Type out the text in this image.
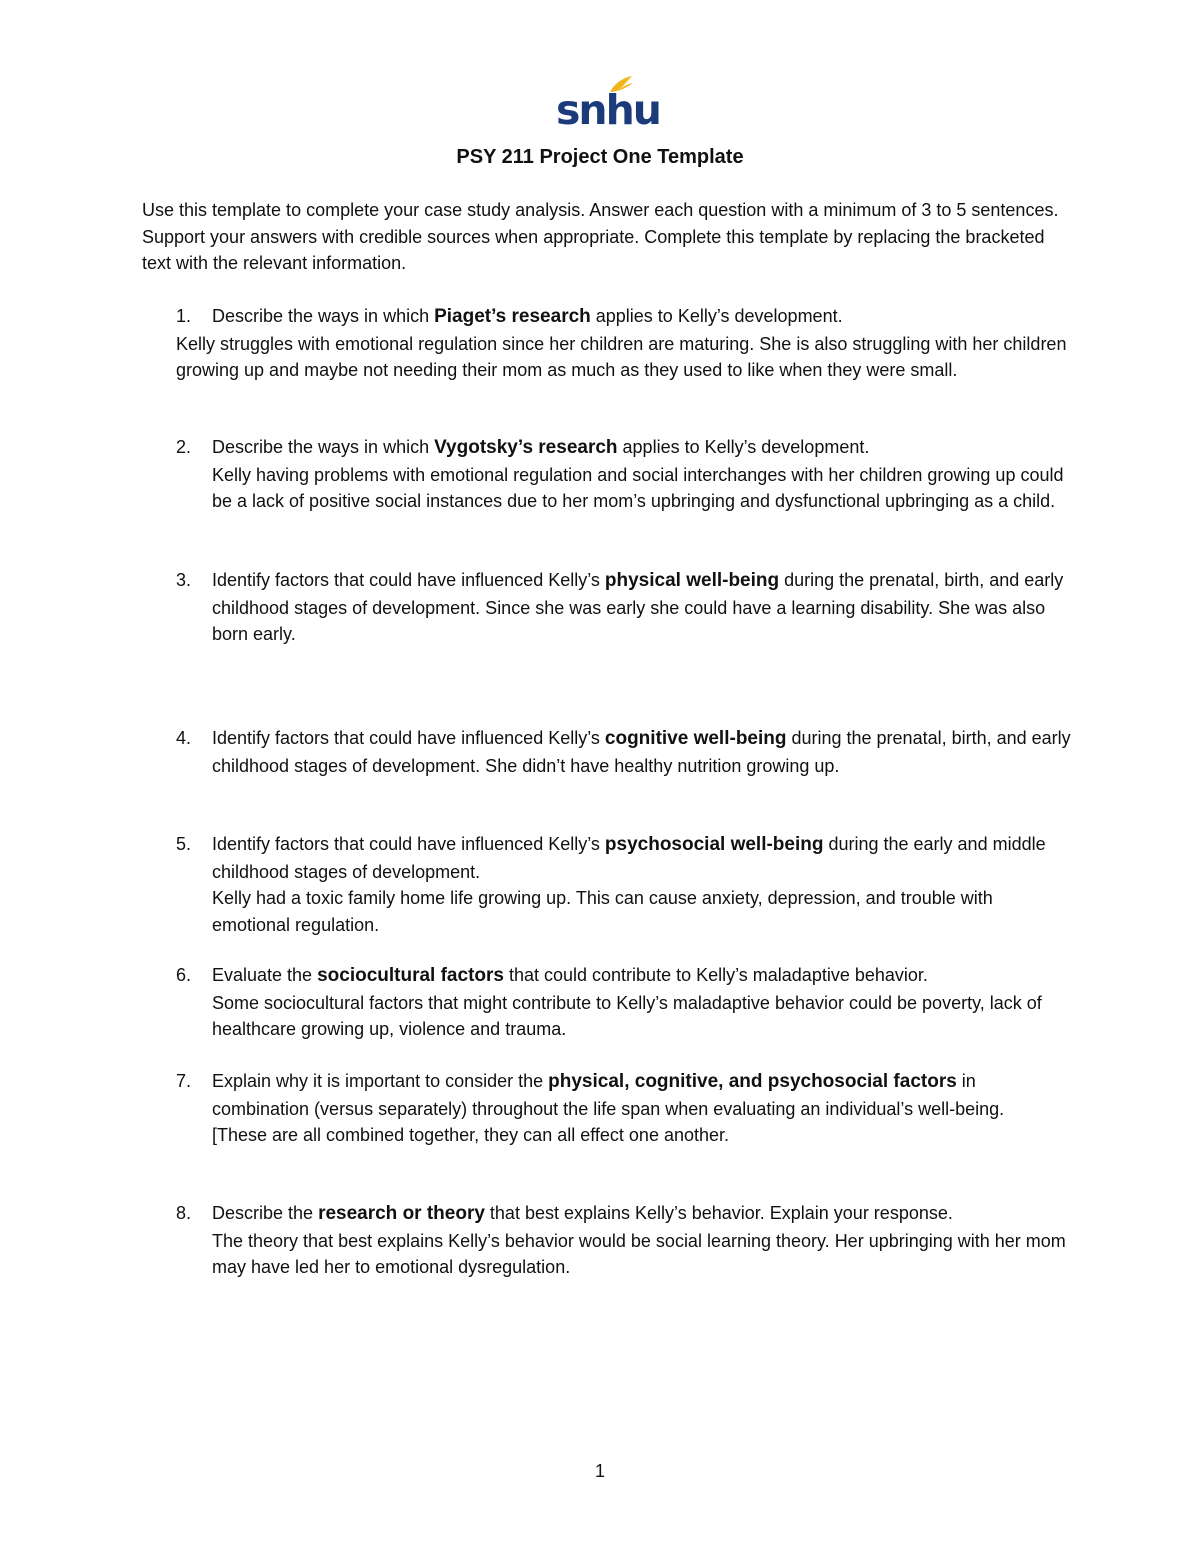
snhu
PSY 211 Project One Template

Use this template to complete your case study analysis. Answer each question with a minimum of 3 to 5 sentences. Support your answers with credible sources when appropriate. Complete this template by replacing the bracketed text with the relevant information.

1. Describe the ways in which Piaget’s research applies to Kelly’s development.
Kelly struggles with emotional regulation since her children are maturing. She is also struggling with her children growing up and maybe not needing their mom as much as they used to like when they were small.
2. Describe the ways in which Vygotsky’s research applies to Kelly’s development.
Kelly having problems with emotional regulation and social interchanges with her children growing up could be a lack of positive social instances due to her mom’s upbringing and dysfunctional upbringing as a child.
3. Identify factors that could have influenced Kelly’s physical well-being during the prenatal, birth, and early childhood stages of development. Since she was early she could have a learning disability. She was also born early.
4. Identify factors that could have influenced Kelly’s cognitive well-being during the prenatal, birth, and early childhood stages of development. She didn’t have healthy nutrition growing up.
5. Identify factors that could have influenced Kelly’s psychosocial well-being during the early and middle childhood stages of development.
Kelly had a toxic family home life growing up. This can cause anxiety, depression, and trouble with emotional regulation.
6. Evaluate the sociocultural factors that could contribute to Kelly’s maladaptive behavior.
Some sociocultural factors that might contribute to Kelly’s maladaptive behavior could be poverty, lack of healthcare growing up, violence and trauma.
7. Explain why it is important to consider the physical, cognitive, and psychosocial factors in combination (versus separately) throughout the life span when evaluating an individual’s well-being.
[These are all combined together, they can all effect one another.
8. Describe the research or theory that best explains Kelly’s behavior. Explain your response.
The theory that best explains Kelly’s behavior would be social learning theory. Her upbringing with her mom may have led her to emotional dysregulation.
1
